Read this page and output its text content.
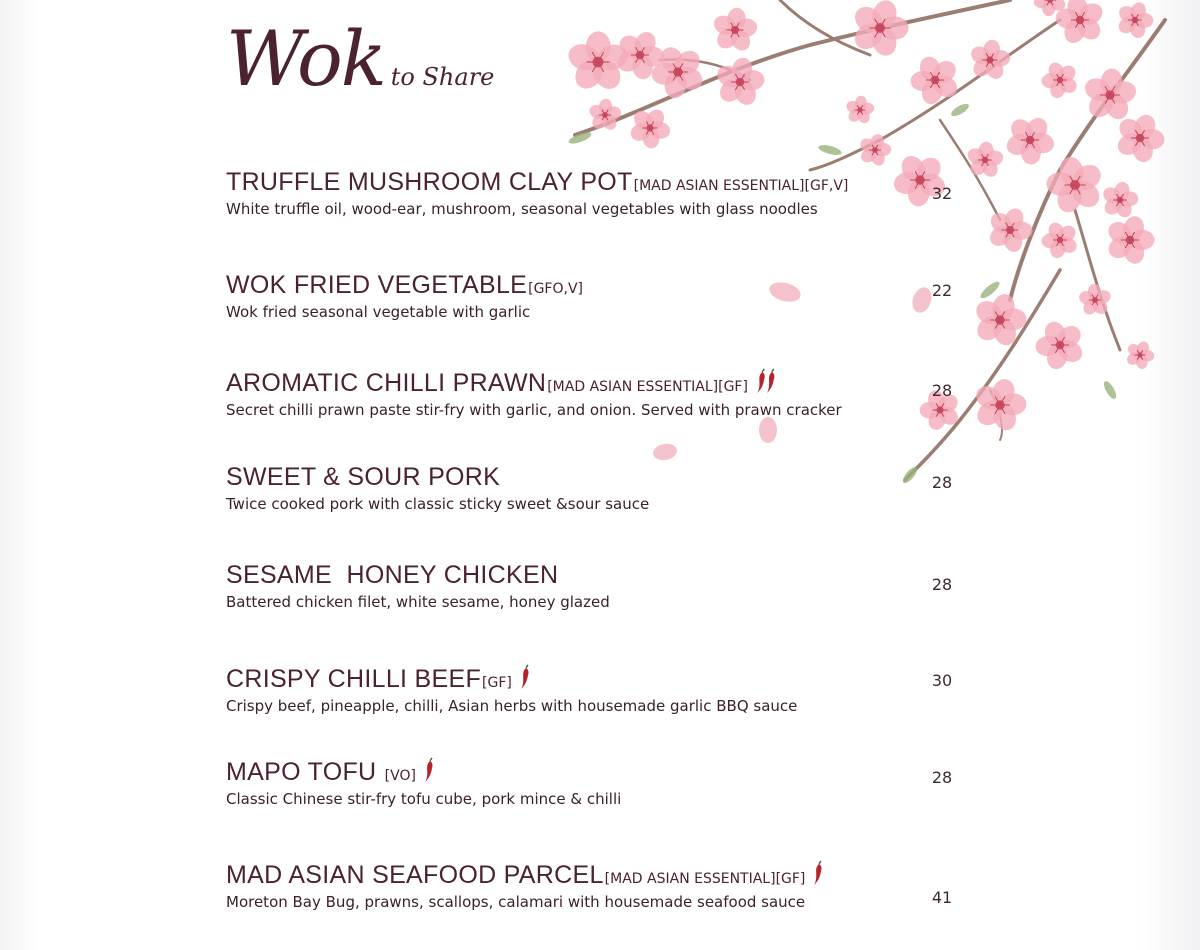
Wok to Share
TRUFFLE MUSHROOM CLAY POT [MAD ASIAN ESSENTIAL][GF,V]
White truffle oil, wood-ear, mushroom, seasonal vegetables with glass noodles
32
WOK FRIED VEGETABLE [GFO,V]
Wok fried seasonal vegetable with garlic
22
AROMATIC CHILLI PRAWN [MAD ASIAN ESSENTIAL][GF]
Secret chilli prawn paste stir-fry with garlic, and onion. Served with prawn cracker
28
SWEET & SOUR PORK
Twice cooked pork with classic sticky sweet &sour sauce
28
SESAME  HONEY CHICKEN
Battered chicken filet, white sesame, honey glazed
28
CRISPY CHILLI BEEF [GF]
Crispy beef, pineapple, chilli, Asian herbs with housemade garlic BBQ sauce
30
MAPO TOFU [VO]
Classic Chinese stir-fry tofu cube, pork mince & chilli
28
MAD ASIAN SEAFOOD PARCEL [MAD ASIAN ESSENTIAL][GF]
Moreton Bay Bug, prawns, scallops, calamari with housemade seafood sauce	41
